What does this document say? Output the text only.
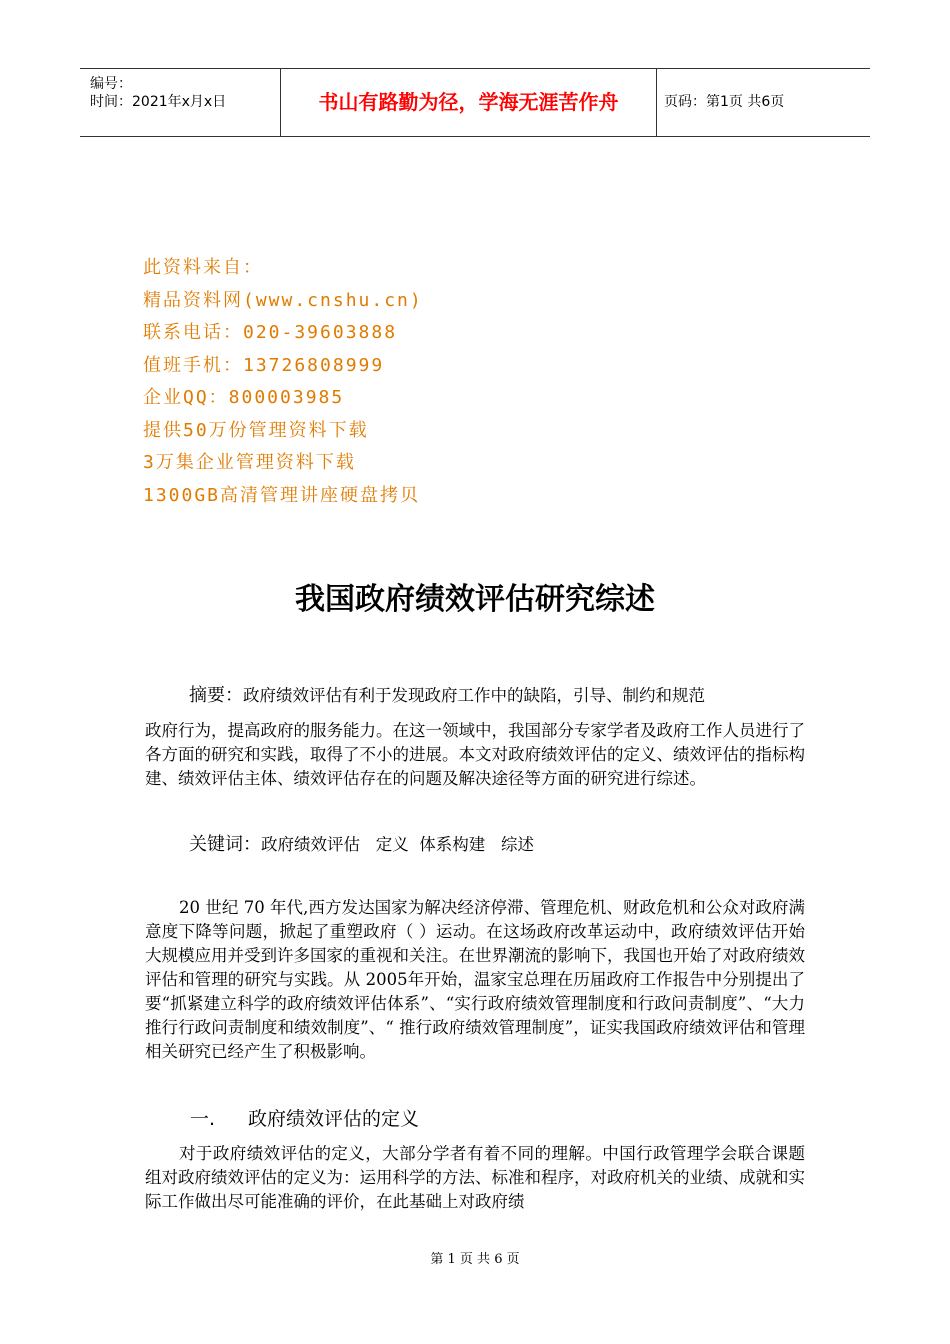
编号：
时间：2021年x月x日	书山有路勤为径，学海无涯苦作舟	页码：第1页 共6页
此资料来自：
精品资料网(www.cnshu.cn)
联系电话：020-39603888
值班手机：13726808999
企业QQ：800003985
提供50万份管理资料下载
3万集企业管理资料下载
1300GB高清管理讲座硬盘拷贝
我国政府绩效评估研究综述
摘要：政府绩效评估有利于发现政府工作中的缺陷，引导、制约和规范
政府行为，提高政府的服务能力。在这一领域中，我国部分专家学者及政府工作人员进行了各方面的研究和实践，取得了不小的进展。本文对政府绩效评估的定义、绩效评估的指标构建、绩效评估主体、绩效评估存在的问题及解决途径等方面的研究进行综述。
关键词：政府绩效评估   定义  体系构建   综述
20 世纪 70 年代,西方发达国家为解决经济停滞、管理危机、财政危机和公众对政府满意度下降等问题，掀起了重塑政府（ ）运动。在这场政府改革运动中，政府绩效评估开始大规模应用并受到许多国家的重视和关注。在世界潮流的影响下，我国也开始了对政府绩效评估和管理的研究与实践。从 2005年开始，温家宝总理在历届政府工作报告中分别提出了要“抓紧建立科学的政府绩效评估体系”、“实行政府绩效管理制度和行政问责制度”、“大力推行行政问责制度和绩效制度”、“ 推行政府绩效管理制度”，证实我国政府绩效评估和管理相关研究已经产生了积极影响。
一. 政府绩效评估的定义
对于政府绩效评估的定义，大部分学者有着不同的理解。中国行政管理学会联合课题组对政府绩效评估的定义为：运用科学的方法、标准和程序，对政府机关的业绩、成就和实际工作做出尽可能准确的评价，在此基础上对政府绩
第 1 页 共 6 页
